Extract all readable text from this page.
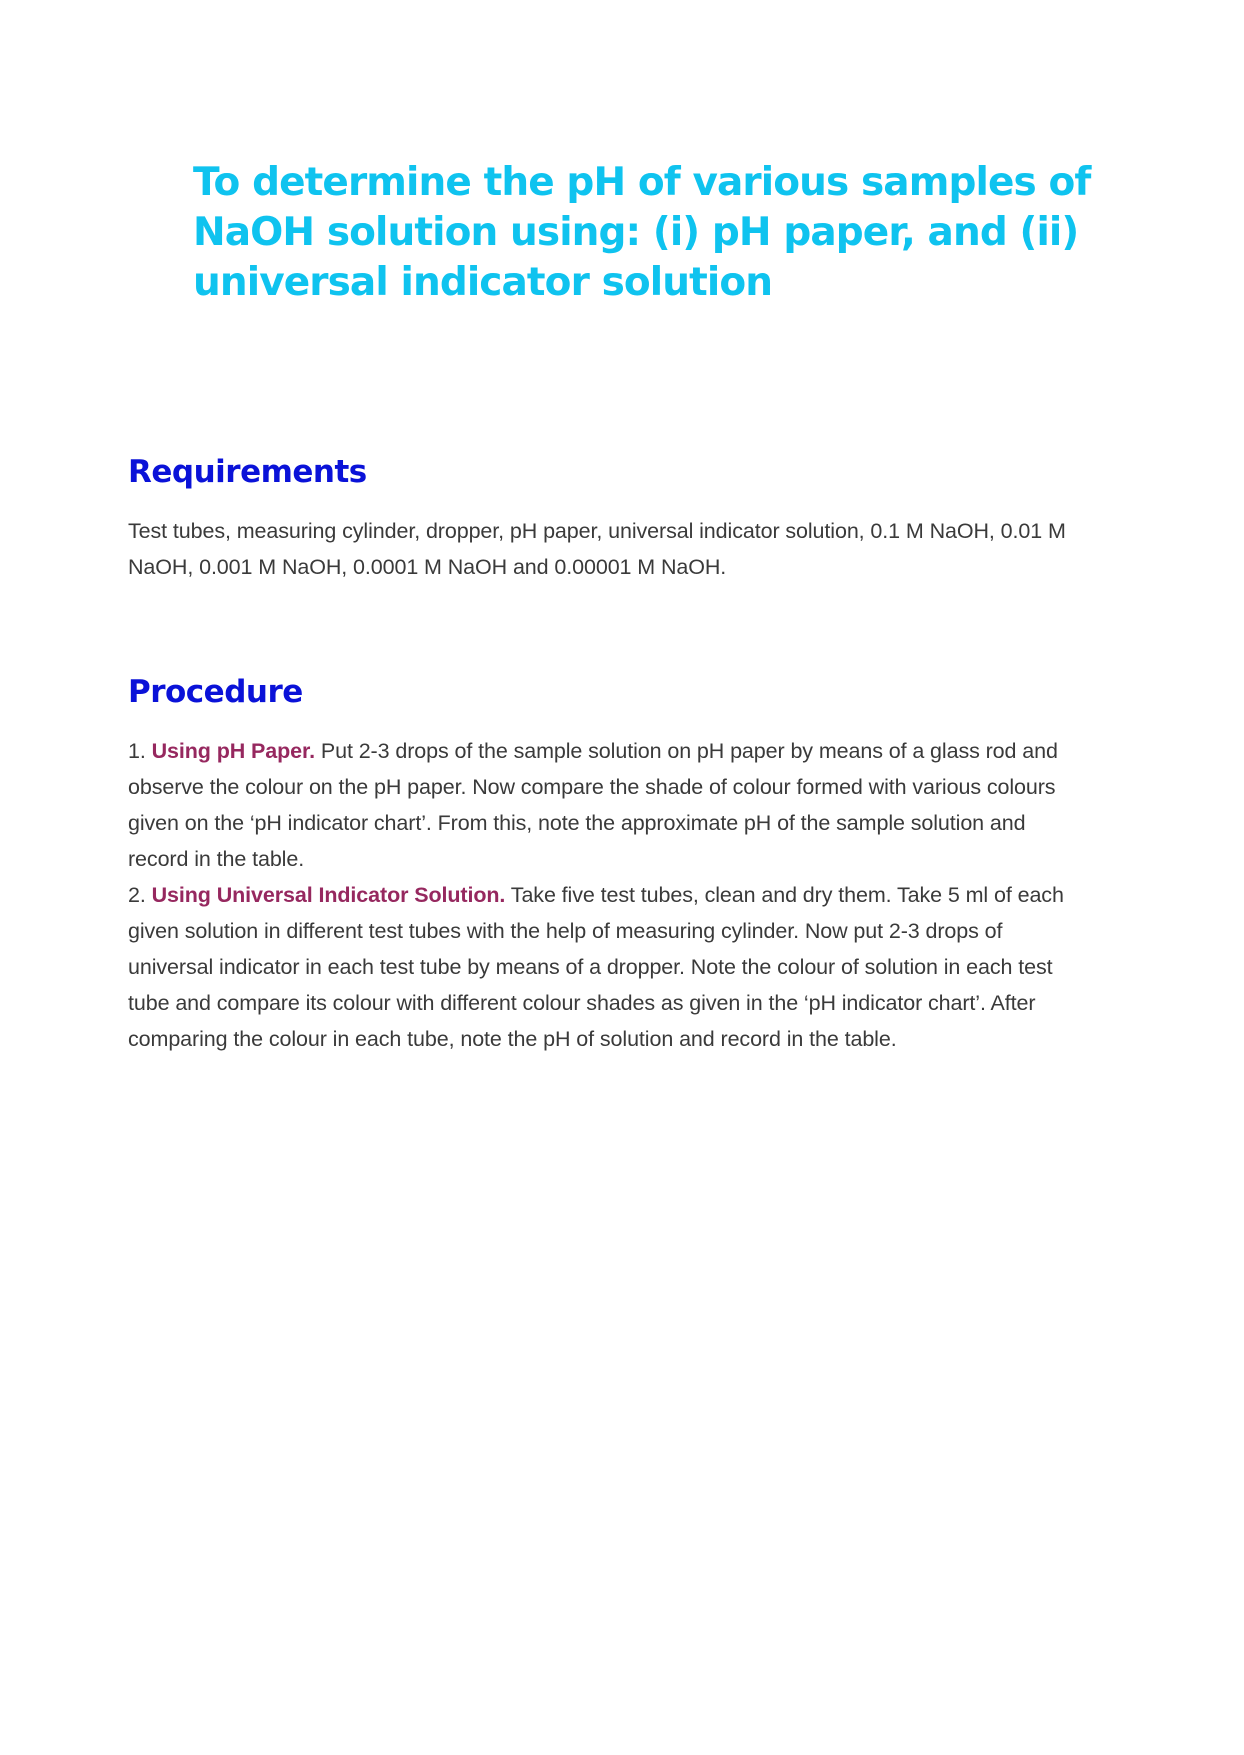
To determine the pH of various samples of NaOH solution using: (i) pH paper, and (ii) universal indicator solution
Requirements

Test tubes, measuring cylinder, dropper, pH paper, universal indicator solution, 0.1 M NaOH, 0.01 M NaOH, 0.001 M NaOH, 0.0001 M NaOH and 0.00001 M NaOH.

Procedure

1. Using pH Paper. Put 2-3 drops of the sample solution on pH paper by means of a glass rod and observe the colour on the pH paper. Now compare the shade of colour formed with various colours given on the ‘pH indicator chart’. From this, note the approximate pH of the sample solution and record in the table.

2. Using Universal Indicator Solution. Take five test tubes, clean and dry them. Take 5 ml of each given solution in different test tubes with the help of measuring cylinder. Now put 2-3 drops of universal indicator in each test tube by means of a dropper. Note the colour of solution in each test tube and compare its colour with different colour shades as given in the ‘pH indicator chart’. After comparing the colour in each tube, note the pH of solution and record in the table.
